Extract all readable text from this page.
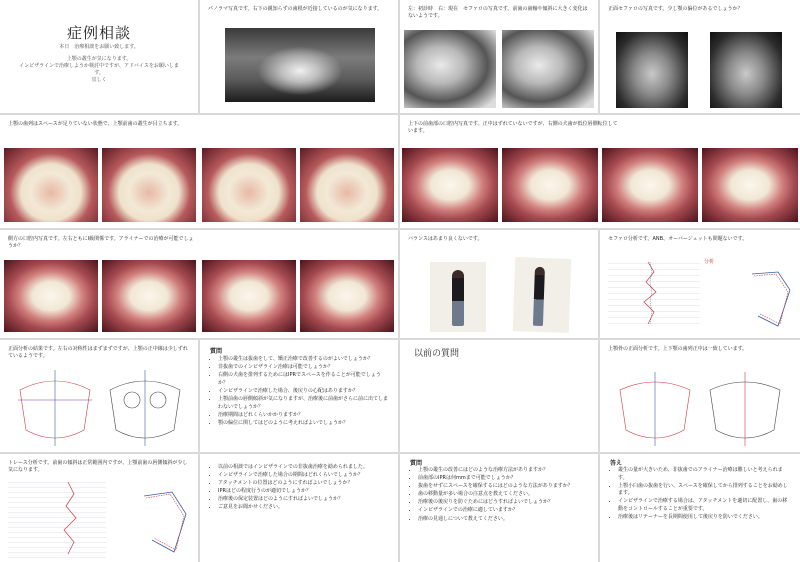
症例相談
本日　治療相談をお願い致します。
上顎の叢生が気になります。
インビザラインで治療しようか検討中ですが、アドバイスをお願いします。
宜しく
パノラマ写真です。右下の親知らずの歯根が近接しているのが気になります。	左：初診時　右：現在　セファロの写真です。前歯の歯軸や傾斜に大きく変化はないようです。
正面セファロの写真です。少し顎の偏位があるでしょうか？
上顎の歯列はスペースが足りていない状態で、上顎前歯の叢生が目立ちます。	上下の前歯部の口腔内写真です。正中はずれていないですが、右側の犬歯が低位唇側転位しています。
側方の口腔内写真です。左右ともにⅠ級関係です。アライナーでの治療が可能でしょうか？
バランスはあまり良くないです。	セファロ分析です。ANB、オーバージェットも問題ないです。
分析
正面分析の結果です。左右の対称性はまずまずですが、上顎の正中線は少しずれているようです。
質問
• 上顎の叢生は抜歯をして、矯正治療で改善するのがよいでしょうか？
• 非抜歯でのインビザライン治療は可能でしょうか？
• 右側の犬歯を排列するためにはIPRでスペースを作ることが可能でしょうか？
• インビザラインで治療した場合、後戻りの心配はありますか？
• 上顎前歯の唇側傾斜が気になりますが、治療後に前歯がさらに前に出てしまわないでしょうか？
• 治療期間はどれくらいかかりますか？
• 顎の偏位に関してはどのように考えればよいでしょうか？
以前の質問	上顎骨の正面分析です。上下顎の歯列正中は一致しています。
トレース分析です。前歯の傾斜は正常範囲内ですが、上顎前歯の唇側傾斜が少し気になります。
•	以前の相談ではインビザラインでの非抜歯治療を勧められました。
• インビザラインで治療した場合の期間はどれくらいでしょうか？
• アタッチメントの位置はどのようにすればよいでしょうか？
• IPRはどの程度行うのが適切でしょうか？
• 治療後の保定装置はどのようにすればよいでしょうか？
• ご意見をお聞かせください。
質問
• 上顎の叢生の改善にはどのような治療方法がありますか？
• 前歯部のIPRは何mmまで可能でしょうか？
• 抜歯をせずにスペースを確保するにはどのような方法がありますか？
• 歯の移動量が多い場合の注意点を教えてください。
• 治療後の後戻りを防ぐためにはどうすればよいでしょうか？
• インビザラインでの治療に適していますか？
• 治療の見通しについて教えてください。
答え
• 叢生の量が大きいため、非抜歯でのアライナー治療は難しいと考えられます。
• 上顎小臼歯の抜歯を行い、スペースを確保してから排列することをお勧めします。
• インビザラインで治療する場合は、アタッチメントを適切に配置し、歯の移動をコントロールすることが重要です。
• 治療後はリテーナーを長期間使用して後戻りを防いでください。
